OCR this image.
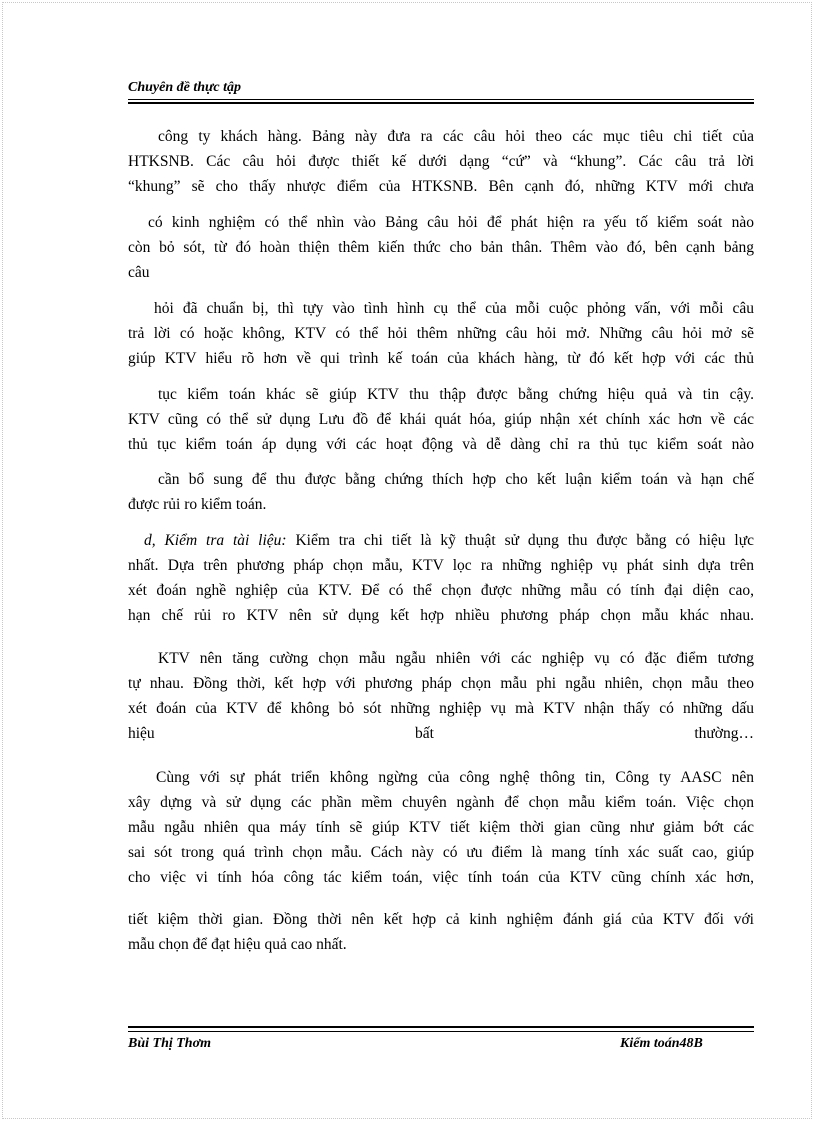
Chuyên đề thực tập
công ty khách hàng. Bảng này đưa ra các câu hỏi theo các mục tiêu chi tiết của
HTKSNB. Các câu hỏi được thiết kế dưới dạng “cứ” và “khung”. Các câu trả lời
“khung” sẽ cho thấy nhược điểm của HTKSNB. Bên cạnh đó, những KTV mới chưa
có kinh nghiệm có thể nhìn vào Bảng câu hỏi để phát hiện ra yếu tố kiểm soát nào
còn bỏ sót, từ đó hoàn thiện thêm kiến thức cho bản thân. Thêm vào đó, bên cạnh bảng
câu
hỏi đã chuẩn bị, thì tựy vào tình hình cụ thể của mỗi cuộc phỏng vấn, với mỗi câu
trả lời có hoặc không, KTV có thể hỏi thêm những câu hỏi mở. Những câu hỏi mở sẽ
giúp KTV hiểu rõ hơn về qui trình kế toán của khách hàng, từ đó kết hợp với các thủ
tục kiểm toán khác sẽ giúp KTV thu thập được bằng chứng hiệu quả và tin cậy.
KTV cũng có thể sử dụng Lưu đồ để khái quát hóa, giúp nhận xét chính xác hơn về các
thủ tục kiểm toán áp dụng với các hoạt động và dễ dàng chỉ ra thủ tục kiểm soát nào
cần bổ sung để thu được bằng chứng thích hợp cho kết luận kiểm toán và hạn chế
được rủi ro kiểm toán.
d, Kiểm tra tài liệu: Kiểm tra chi tiết là kỹ thuật sử dụng thu được bằng có hiệu lực
nhất. Dựa trên phương pháp chọn mẫu, KTV lọc ra những nghiệp vụ phát sinh dựa trên
xét đoán nghề nghiệp của KTV. Để có thể chọn được những mẫu có tính đại diện cao,
hạn chế rủi ro KTV nên sử dụng kết hợp nhiều phương pháp chọn mẫu khác nhau.
KTV nên tăng cường chọn mẫu ngẫu nhiên với các nghiệp vụ có đặc điểm tương
tự nhau. Đồng thời, kết hợp với phương pháp chọn mẫu phi ngẫu nhiên, chọn mẫu theo
xét đoán của KTV để không bỏ sót những nghiệp vụ mà KTV nhận thấy có những dấu
hiệu bất thường…
Cùng với sự phát triển không ngừng của công nghệ thông tin, Công ty AASC nên
xây dựng và sử dụng các phần mềm chuyên ngành để chọn mẫu kiểm toán. Việc chọn
mẫu ngẫu nhiên qua máy tính sẽ giúp KTV tiết kiệm thời gian cũng như giảm bớt các
sai sót trong quá trình chọn mẫu. Cách này có ưu điểm là mang tính xác suất cao, giúp
cho việc vi tính hóa công tác kiểm toán, việc tính toán của KTV cũng chính xác hơn,
tiết kiệm thời gian. Đồng thời nên kết hợp cả kinh nghiệm đánh giá của KTV đối với
mẫu chọn để đạt hiệu quả cao nhất.
Bùi Thị Thơm	Kiểm toán48B
